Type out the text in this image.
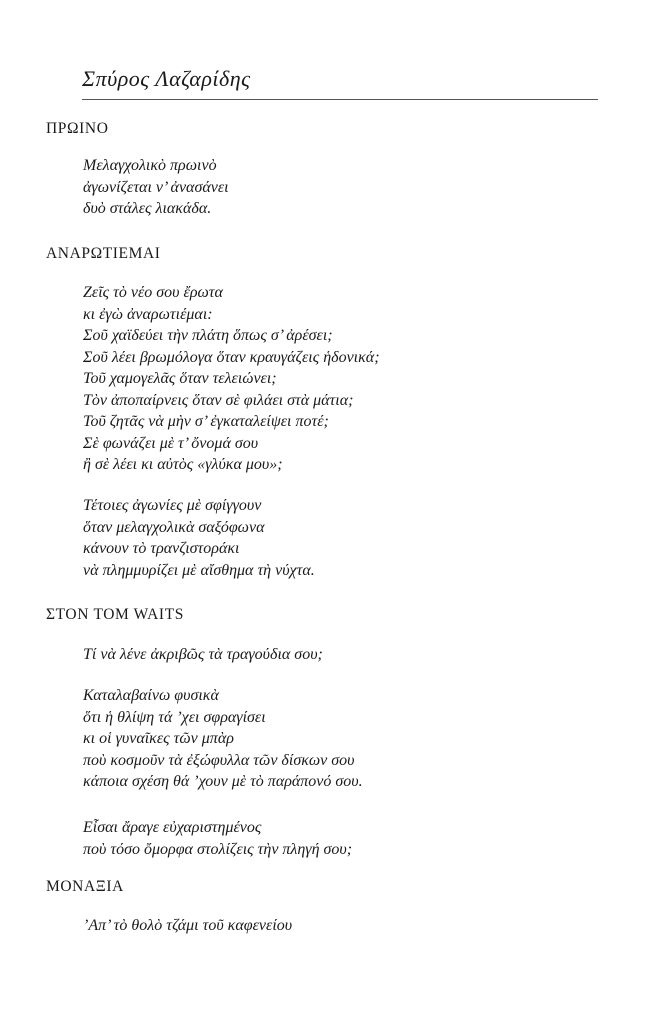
Σπύρος Λαζαρίδης
ΠΡΩΙΝΟ
Μελαγχολικὸ πρωινὸ
ἀγωνίζεται ν’ ἀνασάνει
δυὸ στάλες λιακάδα.
ΑΝΑΡΩΤΙΕΜΑΙ
Ζεῖς τὸ νέο σου ἔρωτα
κι ἐγὼ ἀναρωτιέμαι:
Σοῦ χαϊδεύει τὴν πλάτη ὅπως σ’ ἀρέσει;
Σοῦ λέει βρωμόλογα ὅταν κραυγάζεις ἡδονικά;
Τοῦ χαμογελᾶς ὅταν τελειώνει;
Τὸν ἀποπαίρνεις ὅταν σὲ φιλάει στὰ μάτια;
Τοῦ ζητᾶς νὰ μὴν σ’ ἐγκαταλείψει ποτέ;
Σὲ φωνάζει μὲ τ’ ὄνομά σου
ἢ σὲ λέει κι αὐτὸς «γλύκα μου»;
Τέτοιες ἀγωνίες μὲ σφίγγουν
ὅταν μελαγχολικὰ σαξόφωνα
κάνουν τὸ τρανζιστοράκι
νὰ πλημμυρίζει μὲ αἴσθημα τὴ νύχτα.
ΣΤΟΝ TOM WAITS
Τί νὰ λένε ἀκριβῶς τὰ τραγούδια σου;
Καταλαβαίνω φυσικὰ
ὅτι ἡ θλίψη τά ’χει σφραγίσει
κι οἱ γυναῖκες τῶν μπὰρ
ποὺ κοσμοῦν τὰ ἐξώφυλλα τῶν δίσκων σου
κάποια σχέση θά ’χουν μὲ τὸ παράπονό σου.
Εἶσαι ἄραγε εὐχαριστημένος
ποὺ τόσο ὄμορφα στολίζεις τὴν πληγή σου;
ΜΟΝΑΞΙΑ
’Απ’ τὸ θολὸ τζάμι τοῦ καφενείου
